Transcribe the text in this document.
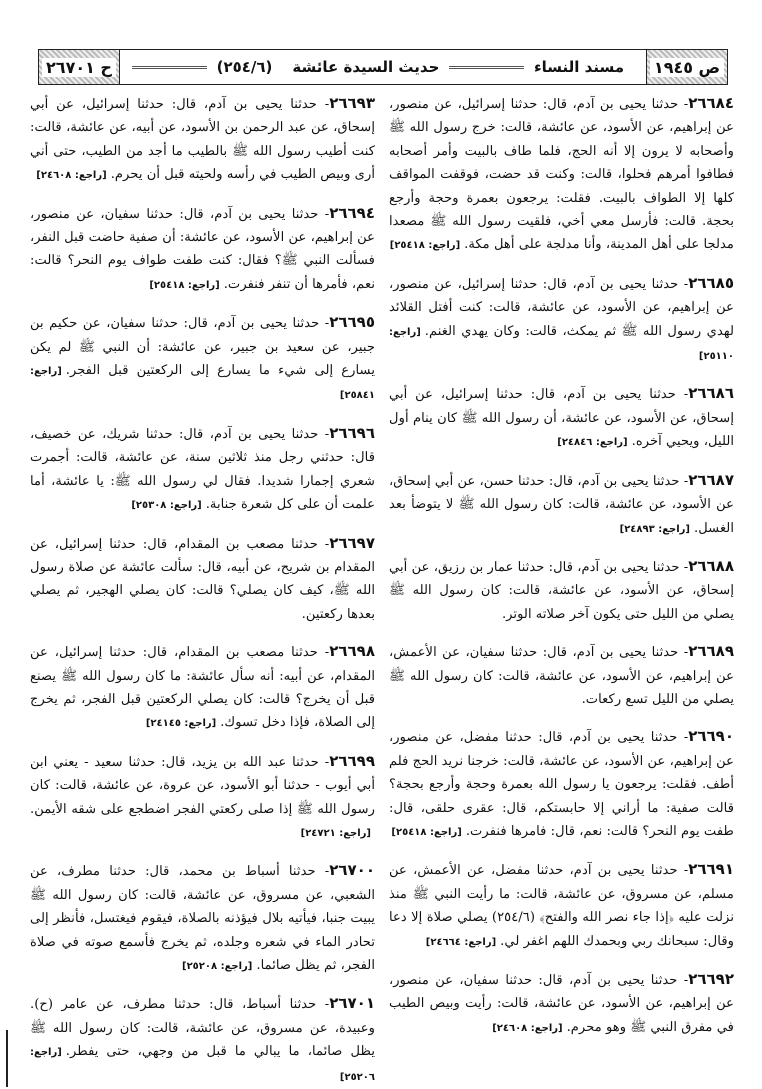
ص ١٩٤٥
مسند النساء
حديث السيدة عائشة
(٢٥٤/٦)
ح ٢٦٧٠١

٢٦٦٨٤- حدثنا يحيى بن آدم، قال: حدثنا إسرائيل، عن منصور، عن إبراهيم، عن الأسود، عن عائشة، قالت: خرج رسول الله ﷺ وأصحابه لا يرون إلا أنه الحج، فلما طاف بالبيت وأمر أصحابه فطافوا أمرهم فحلوا، قالت: وكنت قد حضت، فوقفت المواقف كلها إلا الطواف بالبيت. فقلت: يرجعون بعمرة وحجة وأرجع بحجة. قالت: فأرسل معي أخي، فلقيت رسول الله ﷺ مصعدا مدلجا على أهل المدينة، وأنا مدلجة على أهل مكة.[راجع: ٢٥٤١٨]

٢٦٦٨٥- حدثنا يحيى بن آدم، قال: حدثنا إسرائيل، عن منصور، عن إبراهيم، عن الأسود، عن عائشة، قالت: كنت أفتل القلائد لهدي رسول الله ﷺ ثم يمكث، قالت: وكان يهدي الغنم.[راجع: ٢٥١١٠]

٢٦٦٨٦- حدثنا يحيى بن آدم، قال: حدثنا إسرائيل، عن أبي إسحاق، عن الأسود، عن عائشة، أن رسول الله ﷺ كان ينام أول الليل، ويحيي آخره.[راجع: ٢٤٨٤٦]

٢٦٦٨٧- حدثنا يحيى بن آدم، قال: حدثنا حسن، عن أبي إسحاق، عن الأسود، عن عائشة، قالت: كان رسول الله ﷺ لا يتوضأ بعد الغسل.[راجع: ٢٤٨٩٣]

٢٦٦٨٨- حدثنا يحيى بن آدم، قال: حدثنا عمار بن رزيق، عن أبي إسحاق، عن الأسود، عن عائشة، قالت: كان رسول الله ﷺ يصلي من الليل حتى يكون آخر صلاته الوتر.

٢٦٦٨٩- حدثنا يحيى بن آدم، قال: حدثنا سفيان، عن الأعمش، عن إبراهيم، عن الأسود، عن عائشة، قالت: كان رسول الله ﷺ يصلي من الليل تسع ركعات.

٢٦٦٩٠- حدثنا يحيى بن آدم، قال: حدثنا مفضل، عن منصور، عن إبراهيم، عن الأسود، عن عائشة، قالت: خرجنا نريد الحج فلم أطف. فقلت: يرجعون يا رسول الله بعمرة وحجة وأرجع بحجة؟ قالت صفية: ما أراني إلا حابستكم، قال: عقرى حلقى، قال: طفت يوم النحر؟ قالت: نعم، قال: فامرها فنفرت.[راجع: ٢٥٤١٨]

٢٦٦٩١- حدثنا يحيى بن آدم، حدثنا مفضل، عن الأعمش، عن مسلم، عن مسروق، عن عائشة، قالت: ما رأيت النبي ﷺ منذ نزلت عليه ﴿إذا جاء نصر الله والفتح﴾ (٢٥٤/٦) يصلي صلاة إلا دعا وقال: سبحانك ربي وبحمدك اللهم اغفر لي.[راجع: ٢٤٦٦٤]

٢٦٦٩٢- حدثنا يحيى بن آدم، قال: حدثنا سفيان، عن منصور، عن إبراهيم، عن الأسود، عن عائشة، قالت: رأيت وبيص الطيب في مفرق النبي ﷺ وهو محرم.[راجع: ٢٤٦٠٨]

٢٦٦٩٣- حدثنا يحيى بن آدم، قال: حدثنا إسرائيل، عن أبي إسحاق، عن عبد الرحمن بن الأسود، عن أبيه، عن عائشة، قالت: كنت أطيب رسول الله ﷺ بالطيب ما أجد من الطيب، حتى أني أرى وبيص الطيب في رأسه ولحيته قبل أن يحرم.[راجع: ٢٤٦٠٨]

٢٦٦٩٤- حدثنا يحيى بن آدم، قال: حدثنا سفيان، عن منصور، عن إبراهيم، عن الأسود، عن عائشة: أن صفية حاضت قبل النفر، فسألت النبي ﷺ؟ فقال: كنت طفت طواف يوم النحر؟ قالت: نعم، فأمرها أن تنفر فنفرت.[راجع: ٢٥٤١٨]

٢٦٦٩٥- حدثنا يحيى بن آدم، قال: حدثنا سفيان، عن حكيم بن جبير، عن سعيد بن جبير، عن عائشة: أن النبي ﷺ لم يكن يسارع إلى شيء ما يسارع إلى الركعتين قبل الفجر.[راجع: ٢٥٨٤١]

٢٦٦٩٦- حدثنا يحيى بن آدم، قال: حدثنا شريك، عن خصيف، قال: حدثني رجل منذ ثلاثين سنة، عن عائشة، قالت: أجمرت شعري إجمارا شديدا. فقال لي رسول الله ﷺ: يا عائشة، أما علمت أن على كل شعرة جنابة.[راجع: ٢٥٣٠٨]

٢٦٦٩٧- حدثنا مصعب بن المقدام، قال: حدثنا إسرائيل، عن المقدام بن شريح، عن أبيه، قال: سألت عائشة عن صلاة رسول الله ﷺ، كيف كان يصلي؟ قالت: كان يصلي الهجير، ثم يصلي بعدها ركعتين.

٢٦٦٩٨- حدثنا مصعب بن المقدام، قال: حدثنا إسرائيل، عن المقدام، عن أبيه: أنه سأل عائشة: ما كان رسول الله ﷺ يصنع قبل أن يخرج؟ قالت: كان يصلي الركعتين قبل الفجر، ثم يخرج إلى الصلاة، فإذا دخل تسوك.[راجع: ٢٤١٤٥]

٢٦٦٩٩- حدثنا عبد الله بن يزيد، قال: حدثنا سعيد - يعني ابن أبي أيوب - حدثنا أبو الأسود، عن عروة، عن عائشة، قالت: كان رسول الله ﷺ إذا صلى ركعتي الفجر اضطجع على شقه الأيمن.[راجع: ٢٤٧٢١]

٢٦٧٠٠- حدثنا أسباط بن محمد، قال: حدثنا مطرف، عن الشعبي، عن مسروق، عن عائشة، قالت: كان رسول الله ﷺ يبيت جنبا، فيأتيه بلال فيؤذنه بالصلاة، فيقوم فيغتسل، فأنظر إلى تحادر الماء في شعره وجلده، ثم يخرج فأسمع صوته في صلاة الفجر، ثم يظل صائما.[راجع: ٢٥٢٠٨]

٢٦٧٠١- حدثنا أسباط، قال: حدثنا مطرف، عن عامر (ح). وعبيدة، عن مسروق، عن عائشة، قالت: كان رسول الله ﷺ يظل صائما، ما يبالي ما قبل من وجهي، حتى يفطر.[راجع: ٢٥٢٠٦]
